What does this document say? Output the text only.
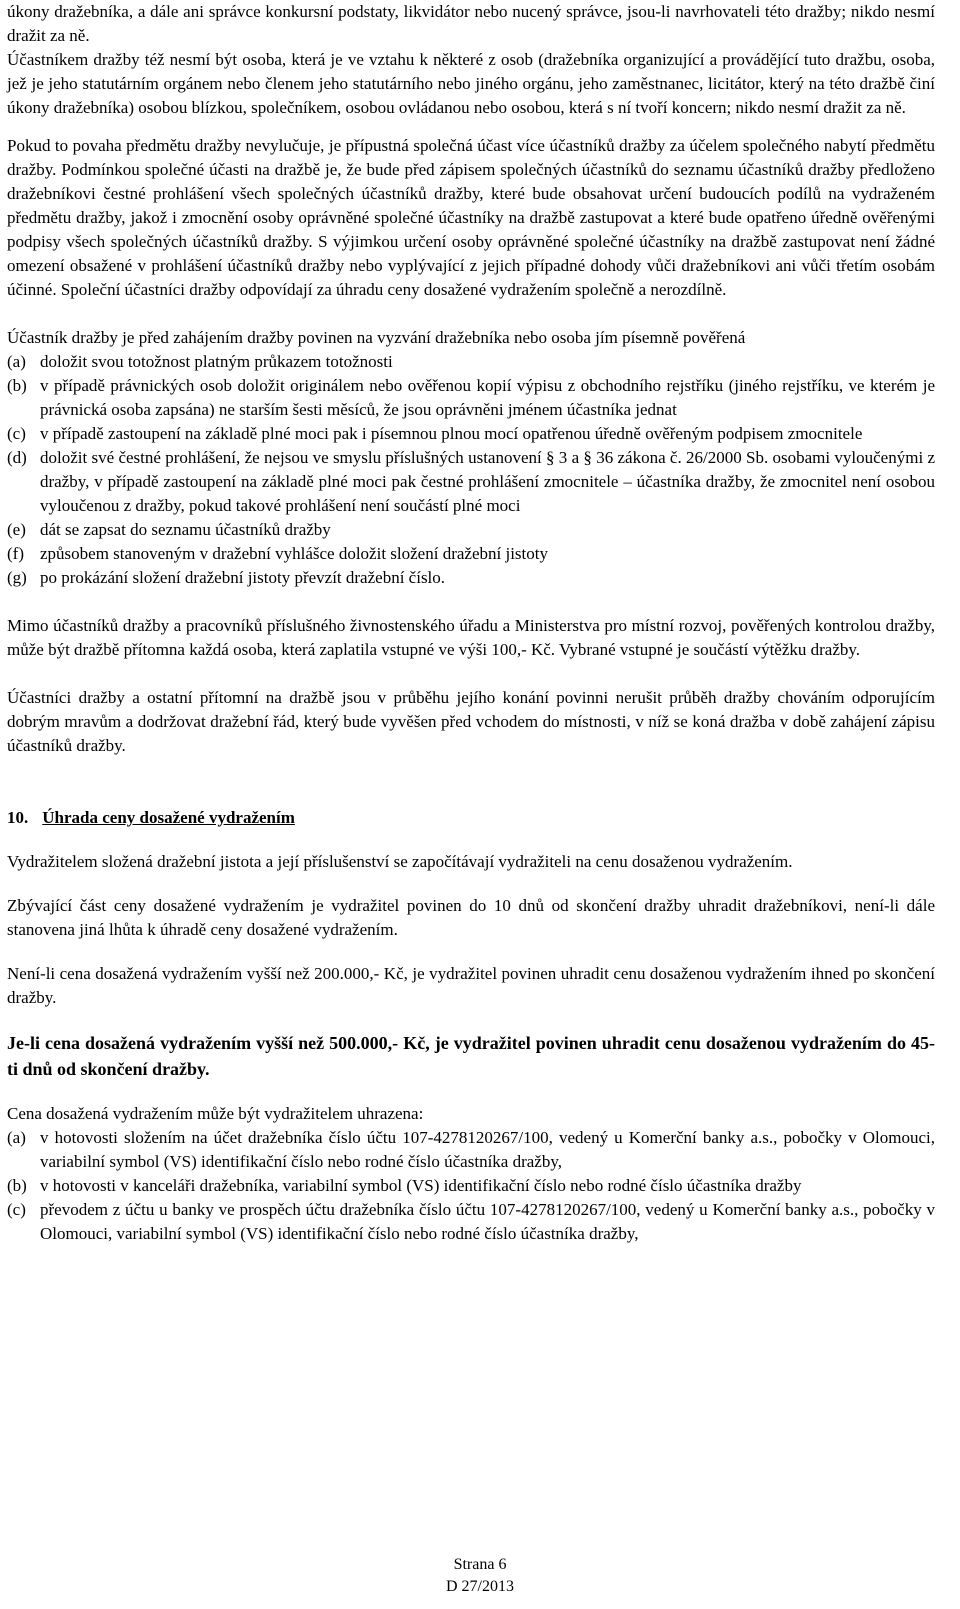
úkony dražebníka, a dále ani správce konkursní podstaty, likvidátor nebo nucený správce, jsou-li navrhovateli této dražby; nikdo nesmí dražit za ně.

Účastníkem dražby též nesmí být osoba, která je ve vztahu k některé z osob (dražebníka organizující a provádějící tuto dražbu, osoba, jež je jeho statutárním orgánem nebo členem jeho statutárního nebo jiného orgánu, jeho zaměstnanec, licitátor, který na této dražbě činí úkony dražebníka) osobou blízkou, společníkem, osobou ovládanou nebo osobou, která s ní tvoří koncern; nikdo nesmí dražit za ně.

Pokud to povaha předmětu dražby nevylučuje, je přípustná společná účast více účastníků dražby za účelem společného nabytí předmětu dražby. Podmínkou společné účasti na dražbě je, že bude před zápisem společných účastníků do seznamu účastníků dražby předloženo dražebníkovi čestné prohlášení všech společných účastníků dražby, které bude obsahovat určení budoucích podílů na vydraženém předmětu dražby, jakož i zmocnění osoby oprávněné společné účastníky na dražbě zastupovat a které bude opatřeno úředně ověřenými podpisy všech společných účastníků dražby. S výjimkou určení osoby oprávněné společné účastníky na dražbě zastupovat není žádné omezení obsažené v prohlášení účastníků dražby nebo vyplývající z jejich případné dohody vůči dražebníkovi ani vůči třetím osobám účinné. Společní účastníci dražby odpovídají za úhradu ceny dosažené vydražením společně a nerozdílně.

Účastník dražby je před zahájením dražby povinen na vyzvání dražebníka nebo osoba jím písemně pověřená

(a) doložit svou totožnost platným průkazem totožnosti
(b) v případě právnických osob doložit originálem nebo ověřenou kopií výpisu z obchodního rejstříku (jiného rejstříku, ve kterém je právnická osoba zapsána) ne starším šesti měsíců, že jsou oprávněni jménem účastníka jednat
(c) v případě zastoupení na základě plné moci pak i písemnou plnou mocí opatřenou úředně ověřeným podpisem zmocnitele
(d) doložit své čestné prohlášení, že nejsou ve smyslu příslušných ustanovení § 3 a § 36 zákona č. 26/2000 Sb. osobami vyloučenými z dražby, v případě zastoupení na základě plné moci pak čestné prohlášení zmocnitele – účastníka dražby, že zmocnitel není osobou vyloučenou z dražby, pokud takové prohlášení není součástí plné moci
(e) dát se zapsat do seznamu účastníků dražby
(f) způsobem stanoveným v dražební vyhlášce doložit složení dražební jistoty
(g) po prokázání složení dražební jistoty převzít dražební číslo.

Mimo účastníků dražby a pracovníků příslušného živnostenského úřadu a Ministerstva pro místní rozvoj, pověřených kontrolou dražby, může být dražbě přítomna každá osoba, která zaplatila vstupné ve výši 100,- Kč. Vybrané vstupné je součástí výtěžku dražby.

Účastníci dražby a ostatní přítomní na dražbě jsou v průběhu jejího konání povinni nerušit průběh dražby chováním odporujícím dobrým mravům a dodržovat dražební řád, který bude vyvěšen před vchodem do místnosti, v níž se koná dražba v době zahájení zápisu účastníků dražby.

10. Úhrada ceny dosažené vydražením

Vydražitelem složená dražební jistota a její příslušenství se započítávají vydražiteli na cenu dosaženou vydražením.

Zbývající část ceny dosažené vydražením je vydražitel povinen do 10 dnů od skončení dražby uhradit dražebníkovi, není-li dále stanovena jiná lhůta k úhradě ceny dosažené vydražením.

Není-li cena dosažená vydražením vyšší než 200.000,- Kč, je vydražitel povinen uhradit cenu dosaženou vydražením ihned po skončení dražby.

Je-li cena dosažená vydražením vyšší než 500.000,- Kč, je vydražitel povinen uhradit cenu dosaženou vydražením do 45-ti dnů od skončení dražby.

Cena dosažená vydražením může být vydražitelem uhrazena:

(a) v hotovosti složením na účet dražebníka číslo účtu 107-4278120267/100, vedený u Komerční banky a.s., pobočky v Olomouci, variabilní symbol (VS) identifikační číslo nebo rodné číslo účastníka dražby,
(b) v hotovosti v kanceláři dražebníka, variabilní symbol (VS) identifikační číslo nebo rodné číslo účastníka dražby
(c) převodem z účtu u banky ve prospěch účtu dražebníka číslo účtu 107-4278120267/100, vedený u Komerční banky a.s., pobočky v Olomouci, variabilní symbol (VS) identifikační číslo nebo rodné číslo účastníka dražby,
Strana 6
D 27/2013
